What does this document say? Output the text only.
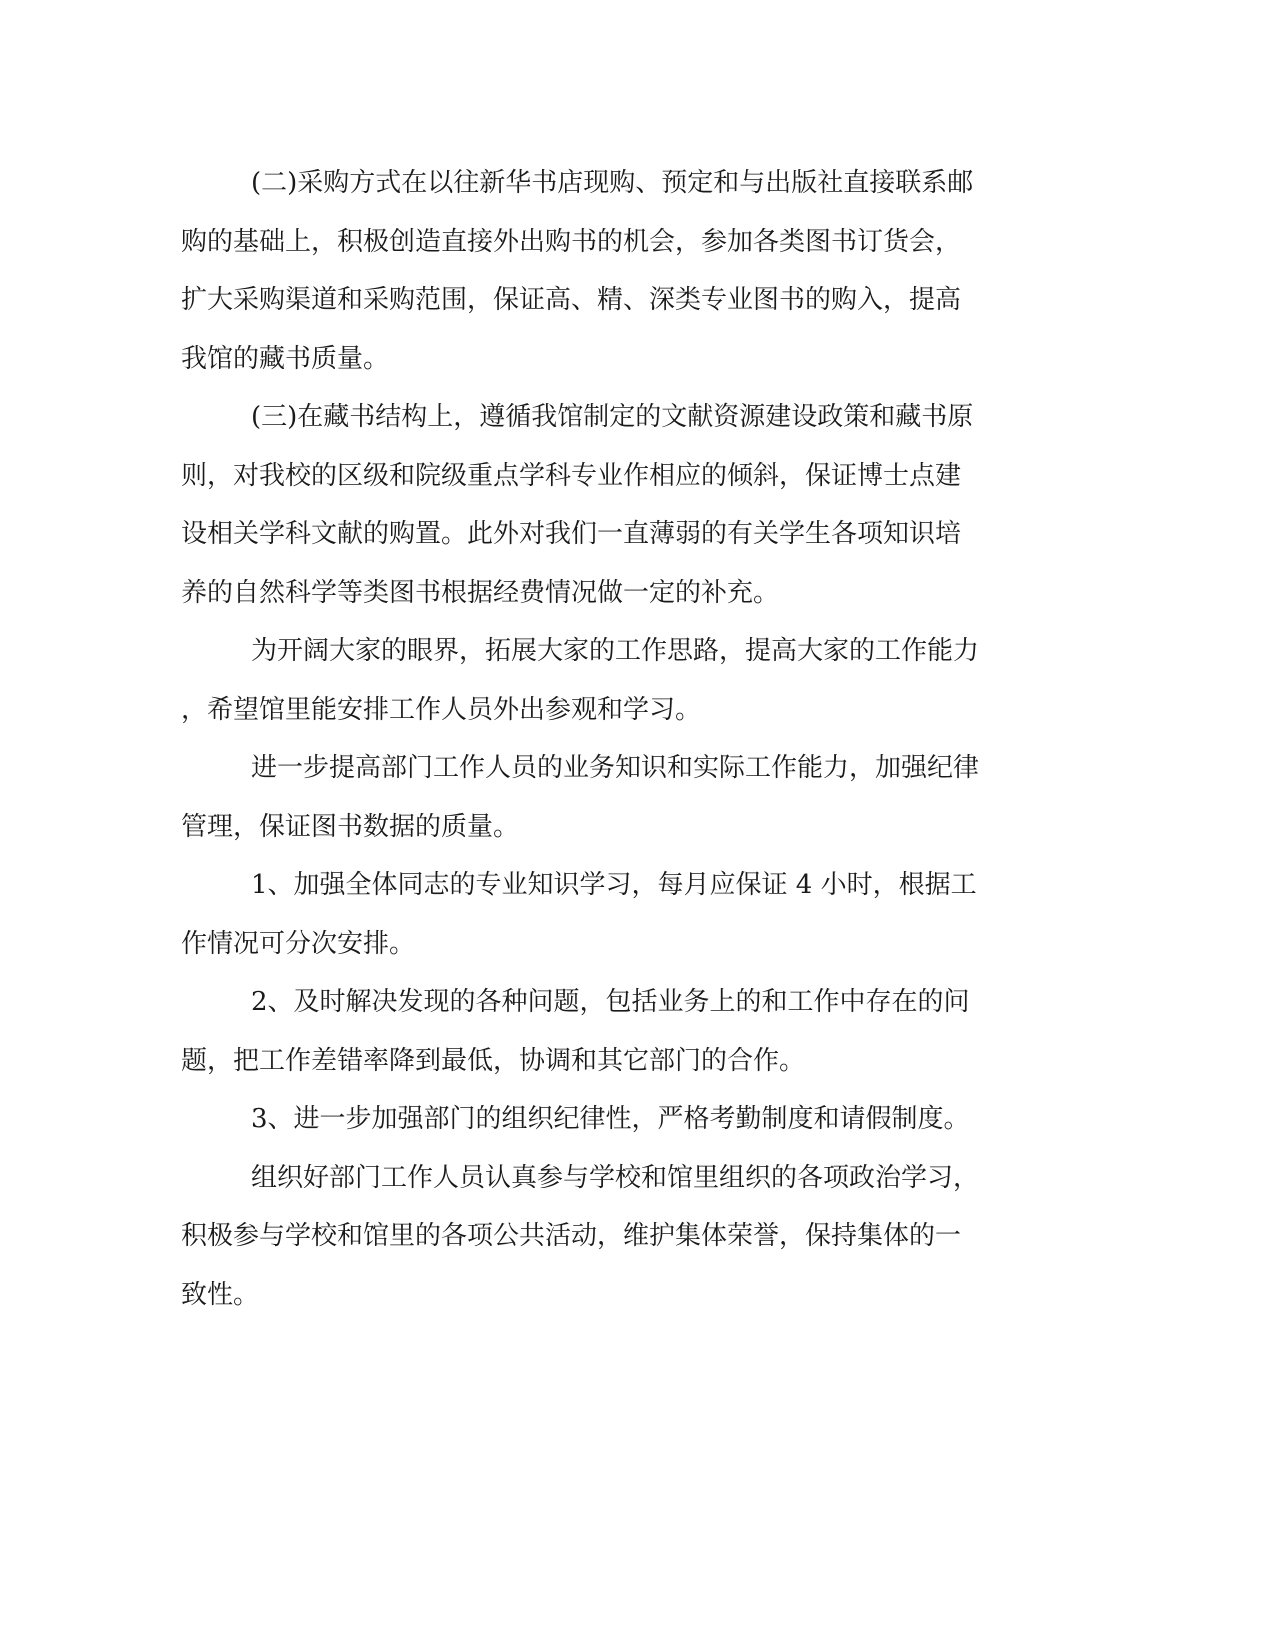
(二)采购方式在以往新华书店现购、预定和与出版社直接联系邮
购的基础上，积极创造直接外出购书的机会，参加各类图书订货会，
扩大采购渠道和采购范围，保证高、精、深类专业图书的购入，提高
我馆的藏书质量。
(三)在藏书结构上，遵循我馆制定的文献资源建设政策和藏书原
则，对我校的区级和院级重点学科专业作相应的倾斜，保证博士点建
设相关学科文献的购置。此外对我们一直薄弱的有关学生各项知识培
养的自然科学等类图书根据经费情况做一定的补充。
为开阔大家的眼界，拓展大家的工作思路，提高大家的工作能力
，希望馆里能安排工作人员外出参观和学习。
进一步提高部门工作人员的业务知识和实际工作能力，加强纪律
管理，保证图书数据的质量。
1、加强全体同志的专业知识学习，每月应保证 4 小时，根据工
作情况可分次安排。
2、及时解决发现的各种问题，包括业务上的和工作中存在的问
题，把工作差错率降到最低，协调和其它部门的合作。
3、进一步加强部门的组织纪律性，严格考勤制度和请假制度。
组织好部门工作人员认真参与学校和馆里组织的各项政治学习，
积极参与学校和馆里的各项公共活动，维护集体荣誉，保持集体的一
致性。
